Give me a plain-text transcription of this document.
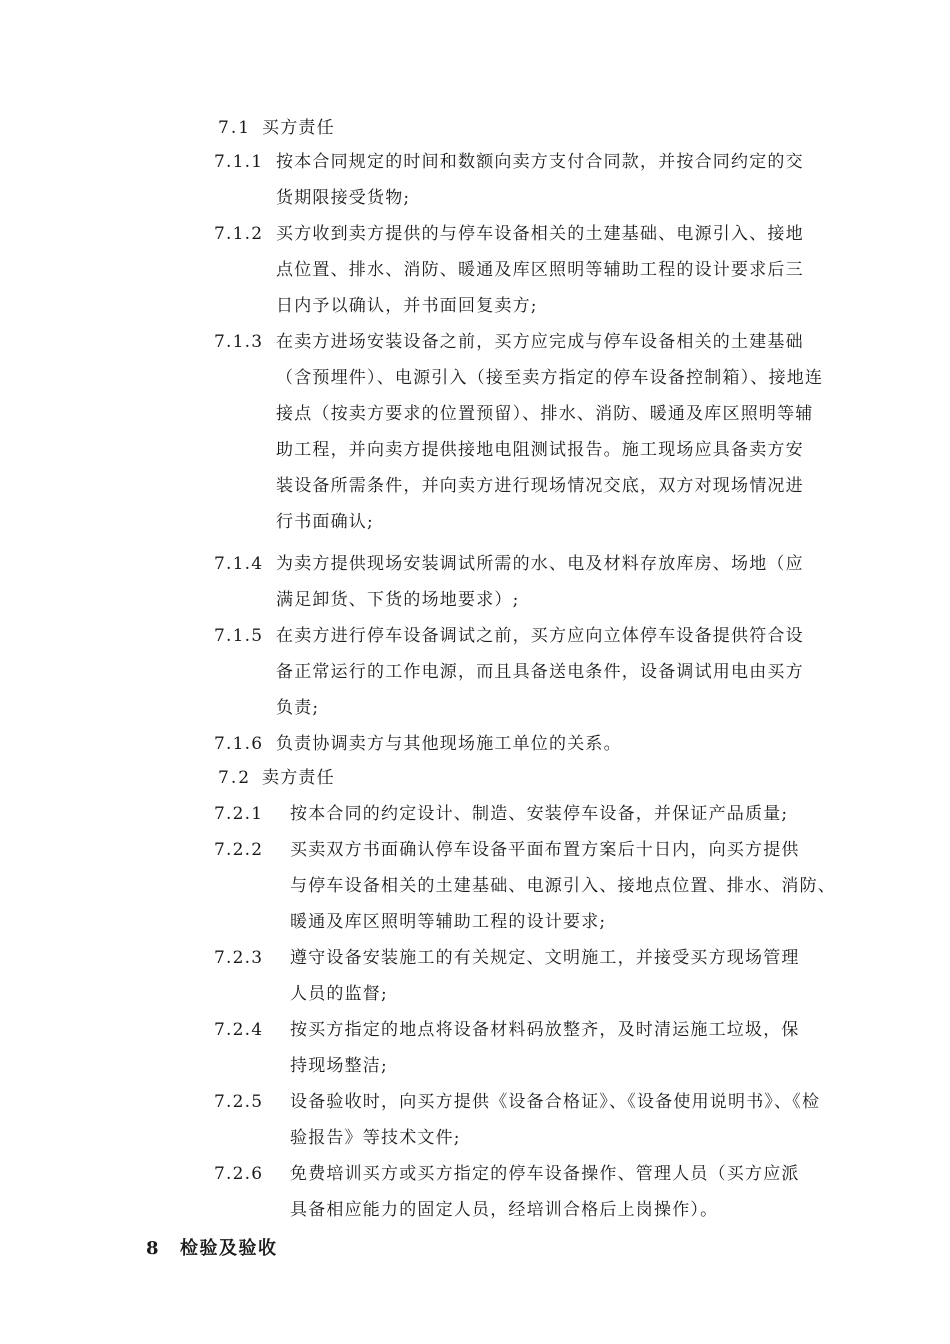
7.1 买方责任
7.1.1 按本合同规定的时间和数额向卖方支付合同款，并按合同约定的交
货期限接受货物;
7.1.2 买方收到卖方提供的与停车设备相关的土建基础、电源引入、接地
点位置、排水、消防、暖通及库区照明等辅助工程的设计要求后三
日内予以确认，并书面回复卖方;
7.1.3 在卖方进场安装设备之前，买方应完成与停车设备相关的土建基础
（含预埋件）、电源引入（接至卖方指定的停车设备控制箱）、接地连
接点（按卖方要求的位置预留）、排水、消防、暖通及库区照明等辅
助工程，并向卖方提供接地电阻测试报告。施工现场应具备卖方安
装设备所需条件，并向卖方进行现场情况交底，双方对现场情况进
行书面确认;
7.1.4 为卖方提供现场安装调试所需的水、电及材料存放库房、场地（应
满足卸货、下货的场地要求）;
7.1.5 在卖方进行停车设备调试之前，买方应向立体停车设备提供符合设
备正常运行的工作电源，而且具备送电条件，设备调试用电由买方
负责;
7.1.6 负责协调卖方与其他现场施工单位的关系。
7.2 卖方责任
7.2.1 按本合同的约定设计、制造、安装停车设备，并保证产品质量;
7.2.2 买卖双方书面确认停车设备平面布置方案后十日内，向买方提供
与停车设备相关的土建基础、电源引入、接地点位置、排水、消防、
暖通及库区照明等辅助工程的设计要求;
7.2.3 遵守设备安装施工的有关规定、文明施工，并接受买方现场管理
人员的监督;
7.2.4 按买方指定的地点将设备材料码放整齐，及时清运施工垃圾，保
持现场整洁;
7.2.5 设备验收时，向买方提供《设备合格证》、《设备使用说明书》、《检
验报告》等技术文件;
7.2.6 免费培训买方或买方指定的停车设备操作、管理人员（买方应派
具备相应能力的固定人员，经培训合格后上岗操作）。
8 检验及验收
